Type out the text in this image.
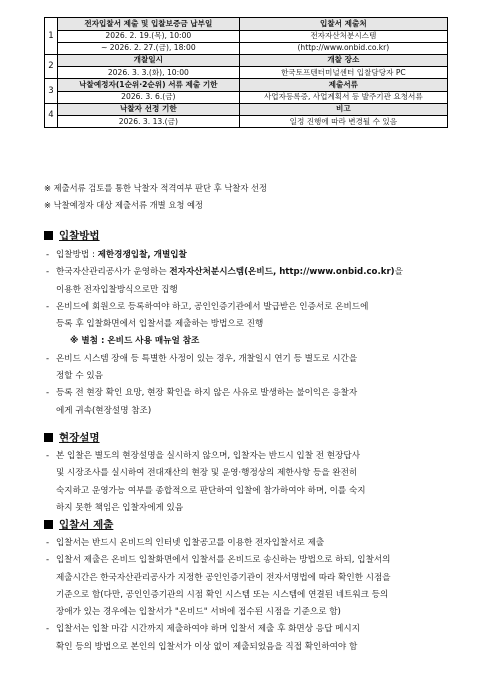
1	전자입찰서 제출 및 입찰보증금 납부일	입찰서 제출처
	2026. 2. 19.(목), 10:00	전자자산처분시스템
	~ 2026. 2. 27.(금), 18:00	(http://www.onbid.co.kr)
2	개찰일시	개찰 장소
	2026. 3. 3.(화), 10:00	한국토프텐터미널센터 입찰담당자 PC
3	낙찰예정자(1순위·2순위) 서류 제출 기한	제출서류
	2026. 3. 6.(금)	사업자등록증, 사업계획서 등 발주기관 요청서류
4	낙찰자 선정 기한	비고
	2026. 3. 13.(금)	일정 진행에 따라 변경될 수 있음
※ 제출서류 검토를 통한 낙찰자 적격여부 판단 후 낙찰자 선정
※ 낙찰예정자 대상 제출서류 개별 요청 예정
입찰방법
- 입찰방법 : 제한경쟁입찰, 개별입찰
- 한국자산관리공사가 운영하는 전자자산처분시스템(온비드, http://www.onbid.co.kr)을
이용한 전자입찰방식으로만 집행
- 온비드에 회원으로 등록하여야 하고, 공인인증기관에서 발급받은 인증서로 온비드에
등록 후 입찰화면에서 입찰서를 제출하는 방법으로 진행
※ 별첨 : 온비드 사용 매뉴얼 참조
- 온비드 시스템 장애 등 특별한 사정이 있는 경우, 개찰일시 연기 등 별도로 시간을
정할 수 있음
- 등록 전 현장 확인 요망, 현장 확인을 하지 않은 사유로 발생하는 불이익은 응찰자
에게 귀속(현장설명 참조)
현장설명
- 본 입찰은 별도의 현장설명을 실시하지 않으며, 입찰자는 반드시 입찰 전 현장답사
및 시장조사를 실시하여 전대재산의 현장 및 운영·행정상의 제한사항 등을 완전히
숙지하고 운영가능 여부를 종합적으로 판단하여 입찰에 참가하여야 하며, 이를 숙지
하지 못한 책임은 입찰자에게 있음
입찰서 제출
- 입찰서는 반드시 온비드의 인터넷 입찰공고를 이용한 전자입찰서로 제출
- 입찰서 제출은 온비드 입찰화면에서 입찰서를 온비드로 송신하는 방법으로 하되, 입찰서의
제출시간은 한국자산관리공사가 지정한 공인인증기관이 전자서명법에 따라 확인한 시점을
기준으로 함(다만, 공인인증기관의 시점 확인 시스템 또는 시스템에 연결된 네트워크 등의
장애가 있는 경우에는 입찰서가 "온비드" 서버에 접수된 시점을 기준으로 함)
- 입찰서는 입찰 마감 시간까지 제출하여야 하며 입찰서 제출 후 화면상 응답 메시지
확인 등의 방법으로 본인의 입찰서가 이상 없이 제출되었음을 직접 확인하여야 함
